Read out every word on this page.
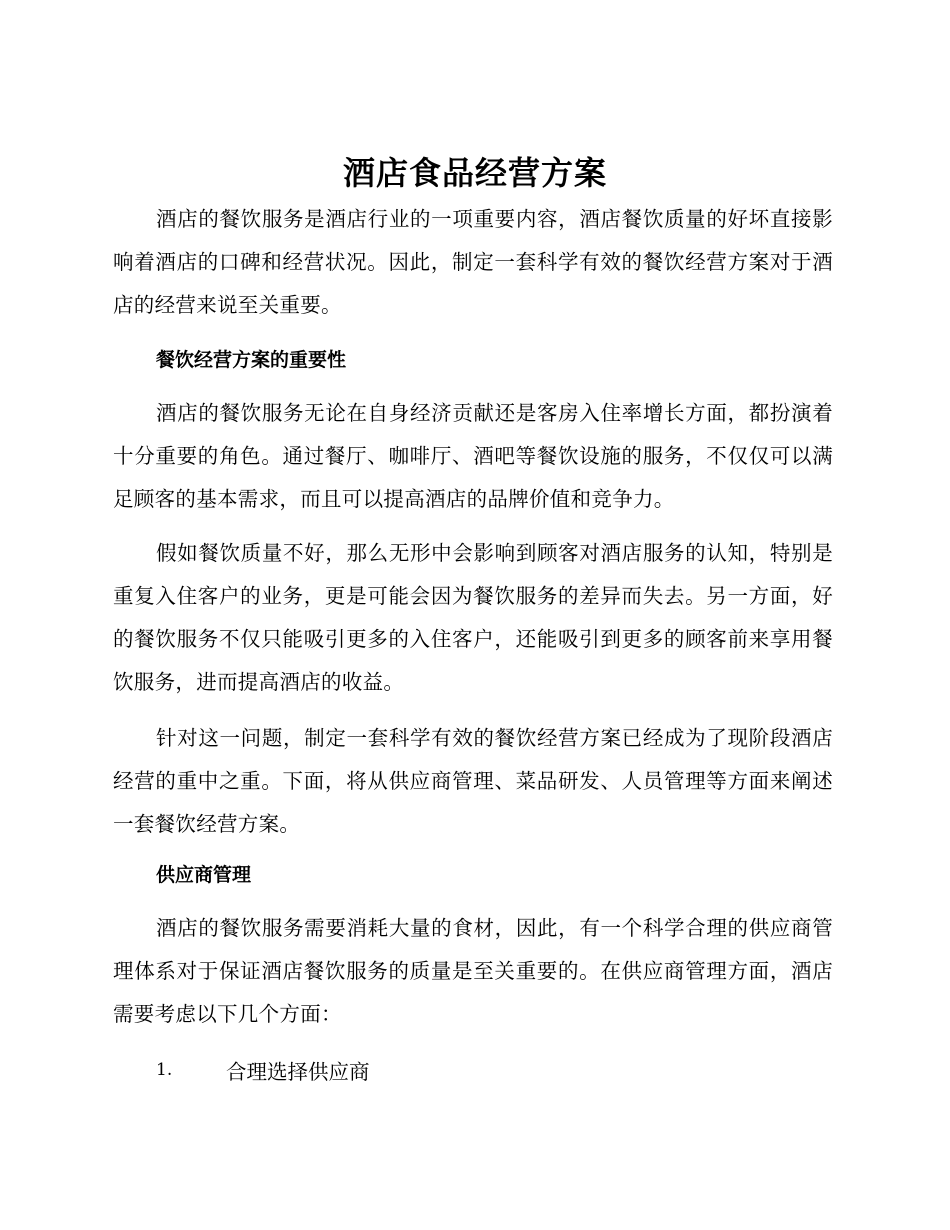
酒店食品经营方案

酒店的餐饮服务是酒店行业的一项重要内容，酒店餐饮质量的好坏直接影响着酒店的口碑和经营状况。因此，制定一套科学有效的餐饮经营方案对于酒店的经营来说至关重要。

餐饮经营方案的重要性

酒店的餐饮服务无论在自身经济贡献还是客房入住率增长方面，都扮演着十分重要的角色。通过餐厅、咖啡厅、酒吧等餐饮设施的服务，不仅仅可以满足顾客的基本需求，而且可以提高酒店的品牌价值和竞争力。

假如餐饮质量不好，那么无形中会影响到顾客对酒店服务的认知，特别是重复入住客户的业务，更是可能会因为餐饮服务的差异而失去。另一方面，好的餐饮服务不仅只能吸引更多的入住客户，还能吸引到更多的顾客前来享用餐饮服务，进而提高酒店的收益。

针对这一问题，制定一套科学有效的餐饮经营方案已经成为了现阶段酒店经营的重中之重。下面，将从供应商管理、菜品研发、人员管理等方面来阐述一套餐饮经营方案。

供应商管理

酒店的餐饮服务需要消耗大量的食材，因此，有一个科学合理的供应商管理体系对于保证酒店餐饮服务的质量是至关重要的。在供应商管理方面，酒店需要考虑以下几个方面：

1.	合理选择供应商
